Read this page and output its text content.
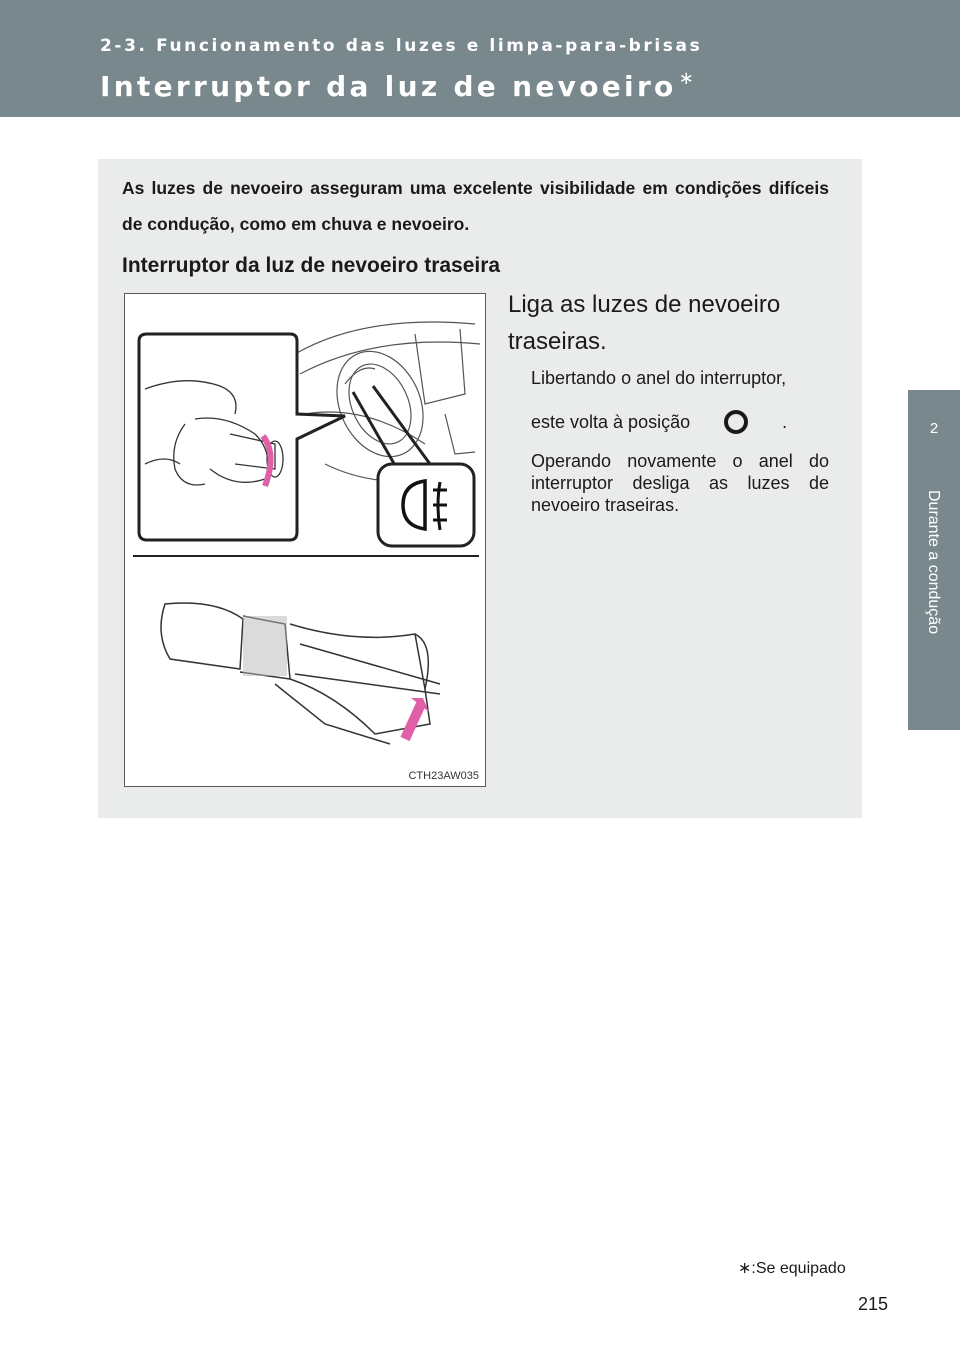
2-3. Funcionamento das luzes e limpa-para-brisas
Interruptor da luz de nevoeiro ∗
2
Durante a condução
As luzes de nevoeiro asseguram uma excelente visibilidade em condições difíceis de condução, como em chuva e nevoeiro.
Interruptor da luz de nevoeiro traseira
CTH23AW035
Liga as luzes de nevoeiro traseiras.
Libertando o anel do interruptor,
este volta à posição	.
Operando novamente o anel do interruptor desliga as luzes de nevoeiro traseiras.
∗:Se equipado
215
